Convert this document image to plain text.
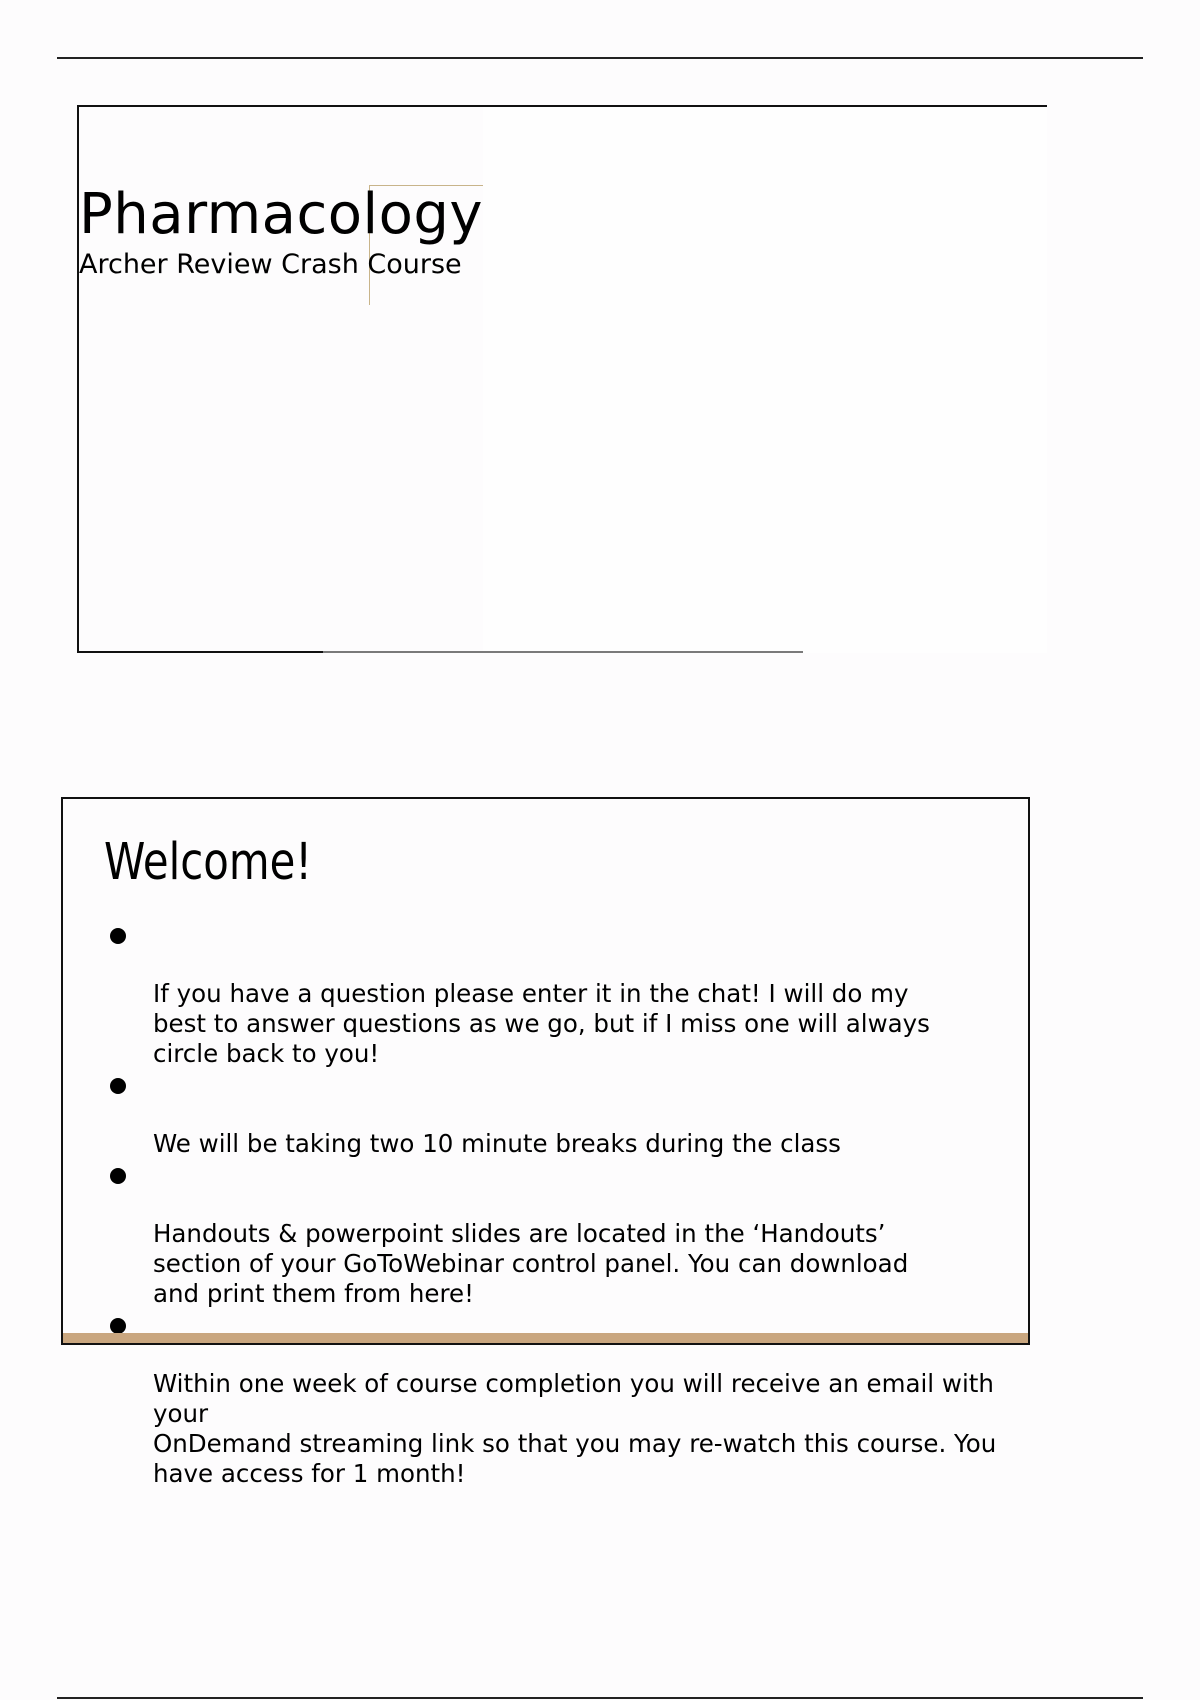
Pharmacology
Archer Review Crash Course
Welcome!

If you have a question please enter it in the chat! I will do my
best to answer questions as we go, but if I miss one will always
circle back to you!

We will be taking two 10 minute breaks during the class

Handouts & powerpoint slides are located in the ‘Handouts’
section of your GoToWebinar control panel. You can download
and print them from here!

Within one week of course completion you will receive an email with
your
OnDemand streaming link so that you may re-watch this course. You
have access for 1 month!
